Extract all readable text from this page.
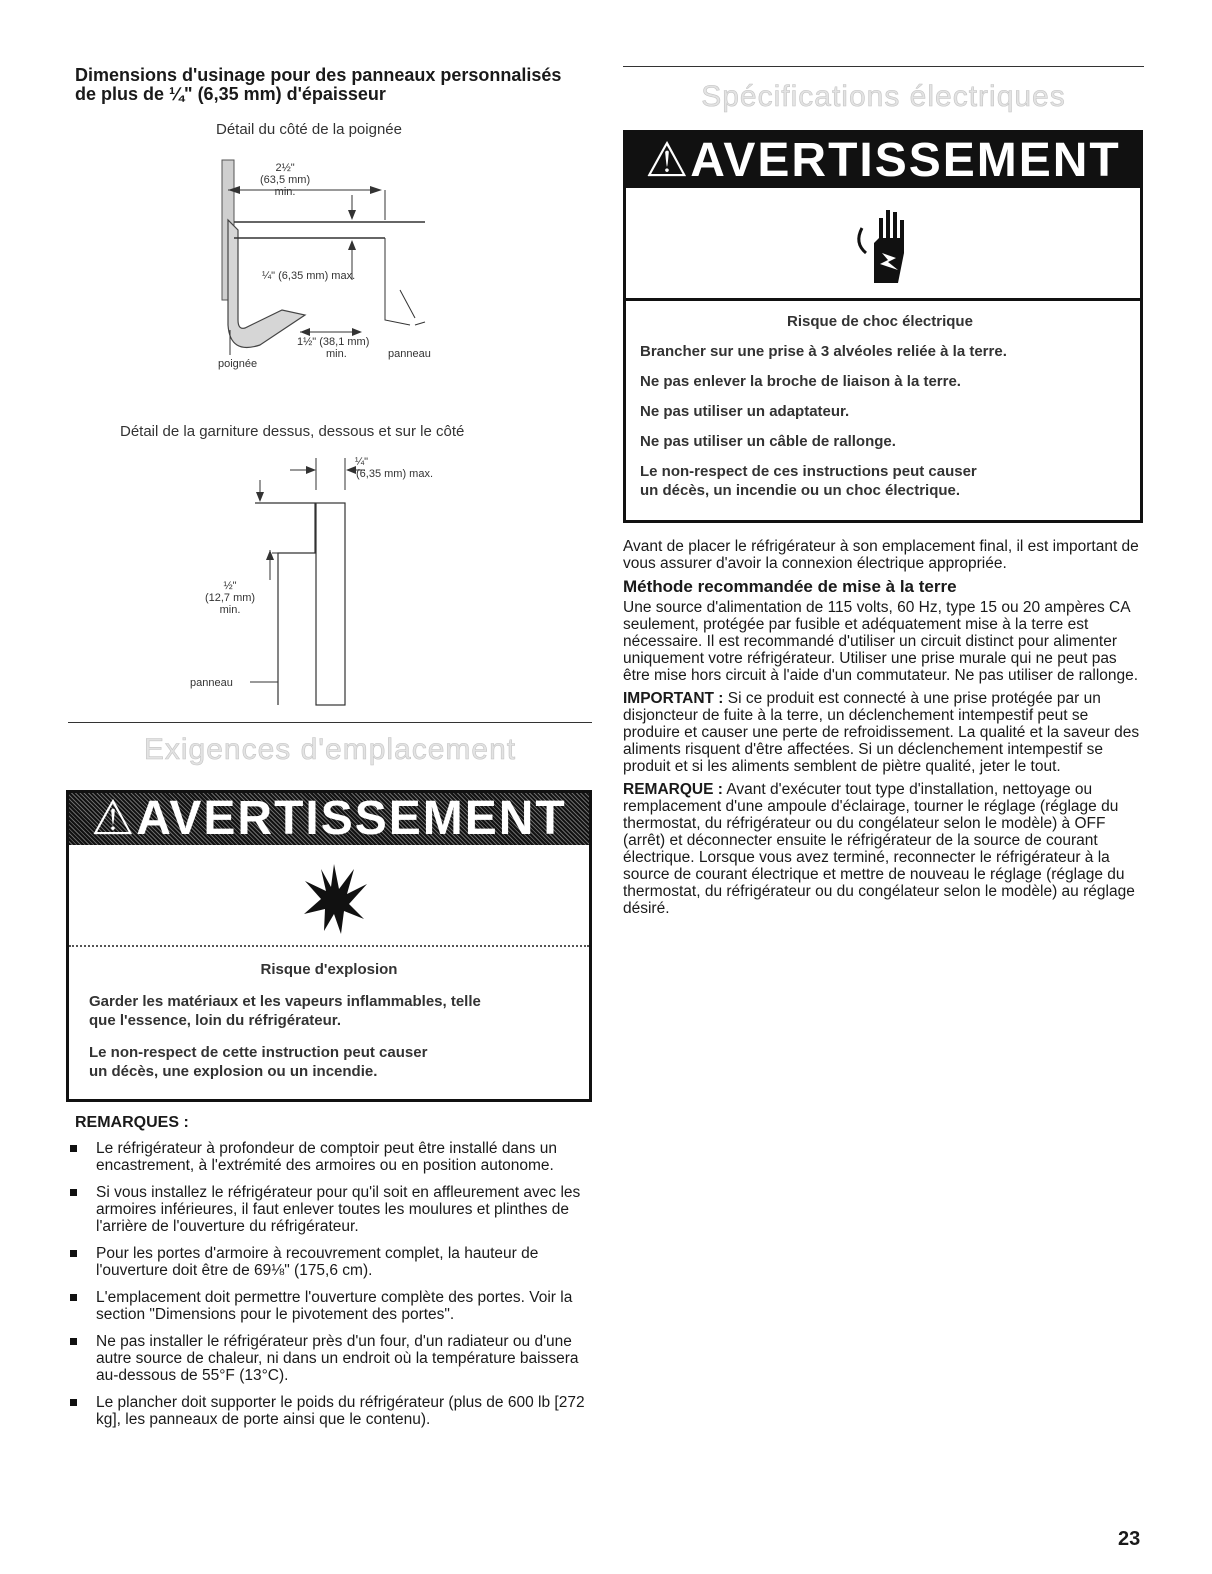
Dimensions d'usinage pour des panneaux personnalisés
de plus de ¼" (6,35 mm) d'épaisseur
Détail du côté de la poignée
2½"
(63,5 mm)
min.
¼" (6,35 mm) max.
1½" (38,1 mm)
min.
poignée
panneau
Détail de la garniture dessus, dessous et sur le côté
¼"
(6,35 mm) max.
½"
(12,7 mm)
min.
panneau
Exigences d'emplacement
⚠AVERTISSEMENT
Risque d'explosion
Garder les matériaux et les vapeurs inflammables, telle
que l'essence, loin du réfrigérateur.
Le non-respect de cette instruction peut causer
un décès, une explosion ou un incendie.
REMARQUES :
Le réfrigérateur à profondeur de comptoir peut être installé dans un encastrement, à l'extrémité des armoires ou en position autonome.
Si vous installez le réfrigérateur pour qu'il soit en affleurement avec les armoires inférieures, il faut enlever toutes les moulures et plinthes de l'arrière de l'ouverture du réfrigérateur.
Pour les portes d'armoire à recouvrement complet, la hauteur de l'ouverture doit être de 69⅛" (175,6 cm).
L'emplacement doit permettre l'ouverture complète des portes. Voir la section "Dimensions pour le pivotement des portes".
Ne pas installer le réfrigérateur près d'un four, d'un radiateur ou d'une autre source de chaleur, ni dans un endroit où la température baissera au-dessous de 55°F (13°C).
Le plancher doit supporter le poids du réfrigérateur (plus de 600 lb [272 kg], les panneaux de porte ainsi que le contenu).
Spécifications électriques
⚠AVERTISSEMENT
Risque de choc électrique
Brancher sur une prise à 3 alvéoles reliée à la terre.
Ne pas enlever la broche de liaison à la terre.
Ne pas utiliser un adaptateur.
Ne pas utiliser un câble de rallonge.
Le non-respect de ces instructions peut causer
un décès, un incendie ou un choc électrique.

Avant de placer le réfrigérateur à son emplacement final, il est important de vous assurer d'avoir la connexion électrique appropriée.

Méthode recommandée de mise à la terre

Une source d'alimentation de 115 volts, 60 Hz, type 15 ou 20 ampères CA seulement, protégée par fusible et adéquatement mise à la terre est nécessaire. Il est recommandé d'utiliser un circuit distinct pour alimenter uniquement votre réfrigérateur. Utiliser une prise murale qui ne peut pas être mise hors circuit à l'aide d'un commutateur. Ne pas utiliser de rallonge.

IMPORTANT : Si ce produit est connecté à une prise protégée par un disjoncteur de fuite à la terre, un déclenchement intempestif peut se produire et causer une perte de refroidissement. La qualité et la saveur des aliments risquent d'être affectées. Si un déclenchement intempestif se produit et si les aliments semblent de piètre qualité, jeter le tout.

REMARQUE : Avant d'exécuter tout type d'installation, nettoyage ou remplacement d'une ampoule d'éclairage, tourner le réglage (réglage du thermostat, du réfrigérateur ou du congélateur selon le modèle) à OFF (arrêt) et déconnecter ensuite le réfrigérateur de la source de courant électrique. Lorsque vous avez terminé, reconnecter le réfrigérateur à la source de courant électrique et mettre de nouveau le réglage (réglage du thermostat, du réfrigérateur ou du congélateur selon le modèle) au réglage désiré.

23
